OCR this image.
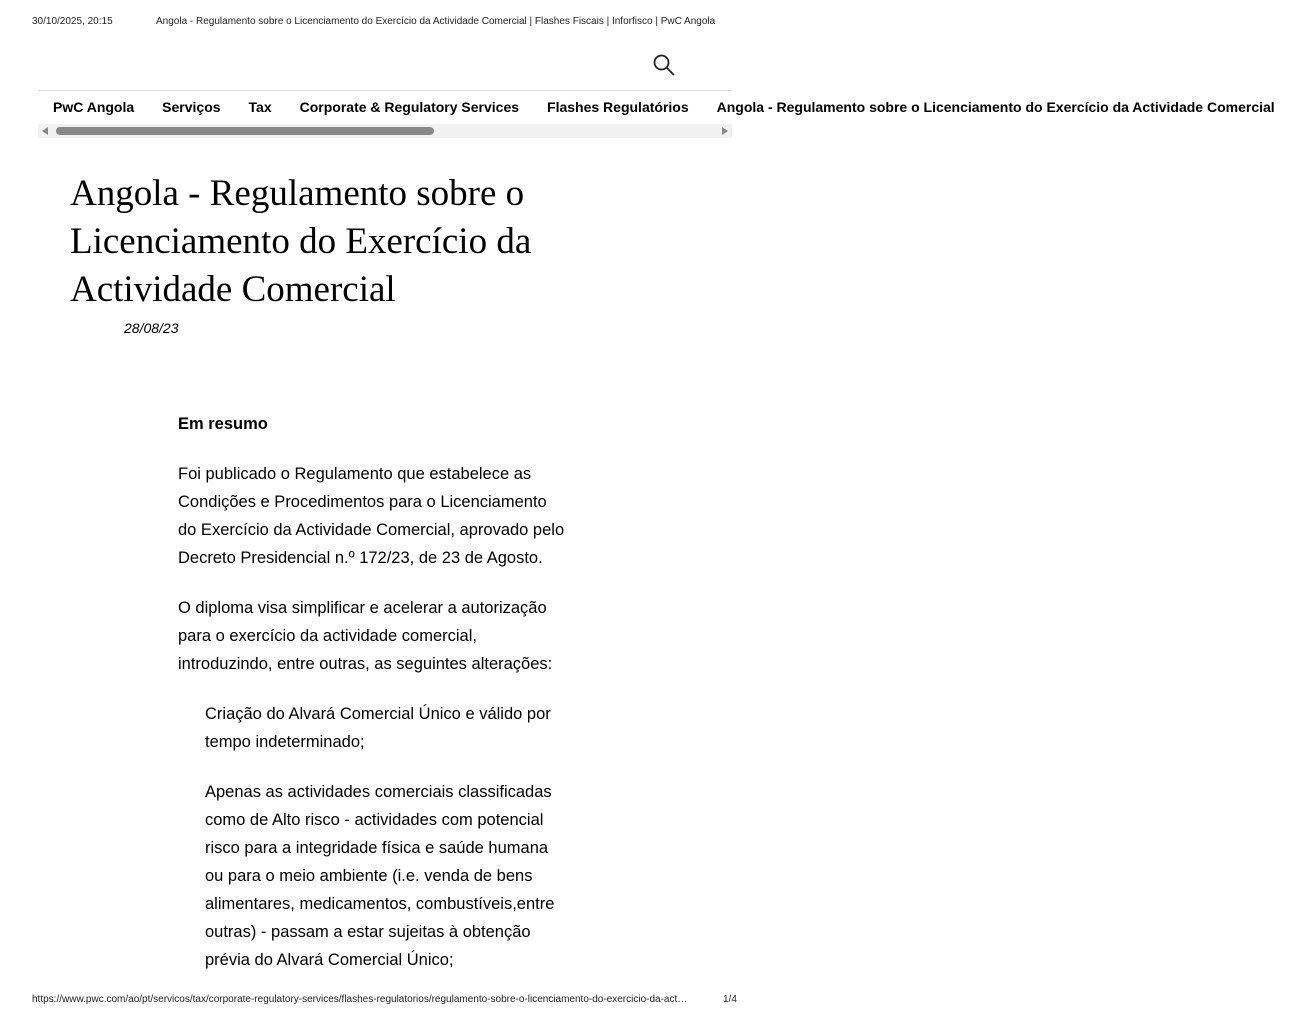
30/10/2025, 20:15	Angola - Regulamento sobre o Licenciamento do Exercício da Actividade Comercial | Flashes Fiscais | Inforfisco | PwC Angola
PwC Angola Serviços Tax Corporate & Regulatory Services Flashes Regulatórios Angola - Regulamento sobre o Licenciamento do Exercício da Actividade Comercial
Angola - Regulamento sobre o Licenciamento do Exercício da Actividade Comercial
28/08/23
Em resumo
Foi publicado o Regulamento que estabelece as
Condições e Procedimentos para o Licenciamento
do Exercício da Actividade Comercial, aprovado pelo
Decreto Presidencial n.º 172/23, de 23 de Agosto.
O diploma visa simplificar e acelerar a autorização
para o exercício da actividade comercial,
introduzindo, entre outras, as seguintes alterações:
Criação do Alvará Comercial Único e válido por
tempo indeterminado;
Apenas as actividades comerciais classificadas
como de Alto risco - actividades com potencial
risco para a integridade física e saúde humana
ou para o meio ambiente (i.e. venda de bens
alimentares, medicamentos, combustíveis,entre
outras) - passam a estar sujeitas à obtenção
prévia do Alvará Comercial Único;
https://www.pwc.com/ao/pt/servicos/tax/corporate-regulatory-services/flashes-regulatorios/regulamento-sobre-o-licenciamento-do-exercicio-da-act…	1/4
